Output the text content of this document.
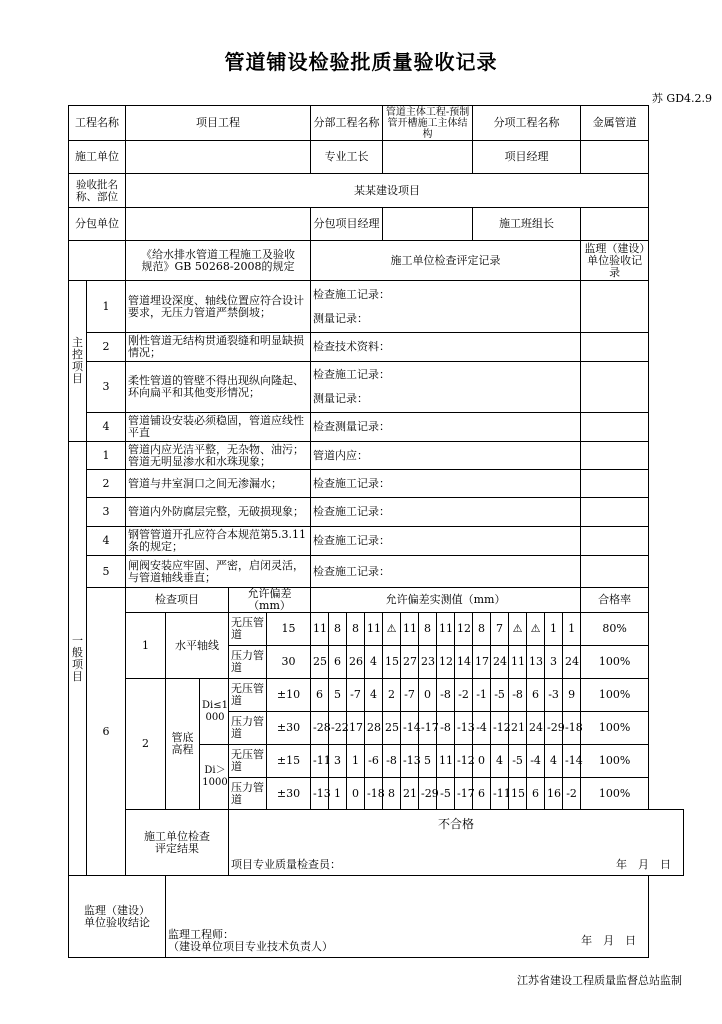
管道铺设检验批质量验收记录
苏 GD4.2.9
工程名称		项目工程					分部工程名称				管道主体工程-预制管开槽施工主体结构					分项工程名称						金属管道
施工单位							专业工长									项目经理						
验收批名称、部位		某某建设项目																				
分包单位							分包项目经理									施工班组长						
		《给水排水管道工程施工及验收规范》GB 50268-2008的规定					施工单位检查评定记录															监理（建设）单位验收记录
主控项目	1	管道埋设深度、轴线位置应符合设计要求，无压力管道严禁倒坡；					检查施工记录：
测量记录：															

	2	刚性管道无结构贯通裂缝和明显缺损情况；					检查技术资料：															
	3	柔性管道的管壁不得出现纵向隆起、环向扁平和其他变形情况；					检查施工记录：
测量记录：															

	4	管道铺设安装必须稳固，管道应线性平直					检查测量记录：															
一般项目	1	管道内应光洁平整，无杂物、油污；管道无明显渗水和水珠现象；					管道内应：															
	2	管道与井室洞口之间无渗漏水；					检查施工记录：															
	3	管道内外防腐层完整，无破损现象；					检查施工记录：															
	4	钢管管道开孔应符合本规范第5.3.11条的规定；					检查施工记录：															
	5	闸阀安装应牢固、严密，启闭灵活，与管道轴线垂直；					检查施工记录：															
	6	检查项目			允许偏差（mm）		允许偏差实测值（mm）															合格率
		1	水平轴线		无压管道	15	11	8	8	11	⚠	11	8	11	12	8	7	⚠	⚠	1	1	80%
					压力管道	30	25	6	26	4	15	27	23	12	14	17	24	11	13	3	24	100%
		2	管底高程	Di≤1000	无压管道	±10	6	5	-7	4	2	-7	0	-8	-2	-1	-5	-8	6	-3	9	100%
					压力管道	±30	-28	-22	17	28	25	-14	-17	-8	-13	-4	-12	21	24	-29	-18	100%
				Di＞1000	无压管道	±15	-11	3	1	-6	-8	-13	5	11	-12	0	4	-5	-4	4	-14	100%
					压力管道	±30	-13	1	0	-18	8	21	-29	-5	-17	6	-11	15	6	16	-2	100%
		施工单位检查评定结果			不合格
项目专业质量检查员： 年　月　日																	

监理（建设）单位验收结论			监理工程师：
（建设单位项目专业技术负责人） 年　月　日																			
江苏省建设工程质量监督总站监制
